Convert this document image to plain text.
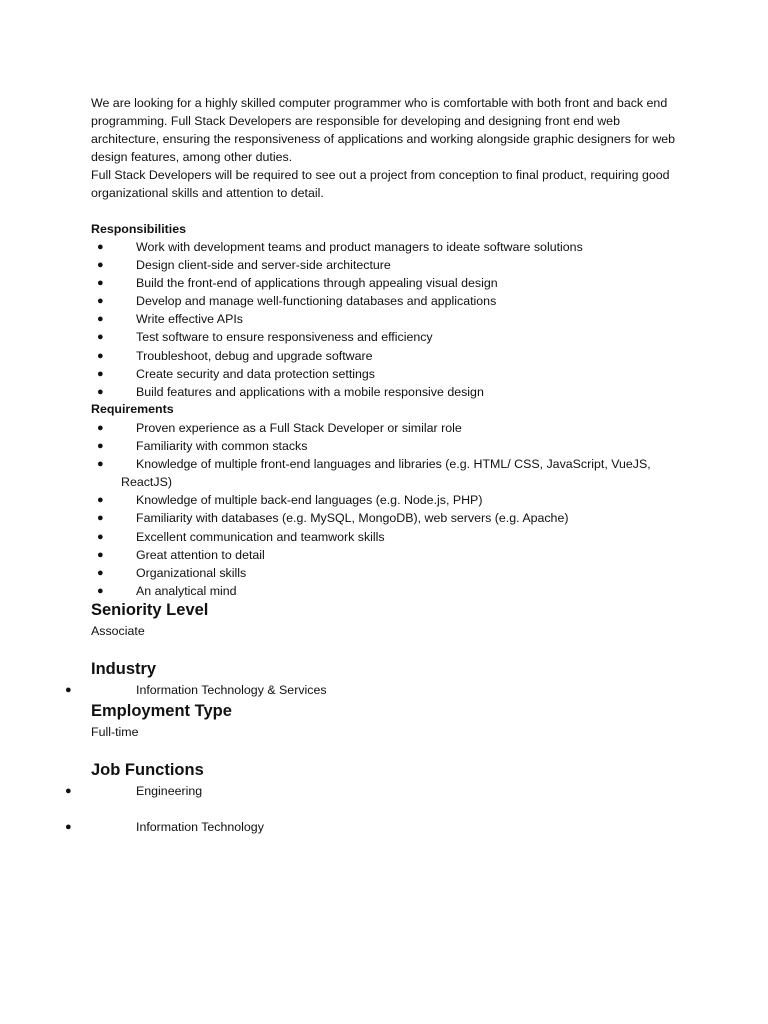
We are looking for a highly skilled computer programmer who is comfortable with both front and back end programming. Full Stack Developers are responsible for developing and designing front end web architecture, ensuring the responsiveness of applications and working alongside graphic designers for web design features, among other duties.

Full Stack Developers will be required to see out a project from conception to final product, requiring good organizational skills and attention to detail.

Responsibilities
●	Work with development teams and product managers to ideate software solutions
●	Design client-side and server-side architecture
●	Build the front-end of applications through appealing visual design
●	Develop and manage well-functioning databases and applications
●	Write effective APIs
●	Test software to ensure responsiveness and efficiency
●	Troubleshoot, debug and upgrade software
●	Create security and data protection settings
●	Build features and applications with a mobile responsive design
Requirements
●	Proven experience as a Full Stack Developer or similar role
●	Familiarity with common stacks
●	Knowledge of multiple front-end languages and libraries (e.g. HTML/ CSS, JavaScript, VueJS,
ReactJS)
●	Knowledge of multiple back-end languages (e.g. Node.js, PHP)
●	Familiarity with databases (e.g. MySQL, MongoDB), web servers (e.g. Apache)
●	Excellent communication and teamwork skills
●	Great attention to detail
●	Organizational skills
●	An analytical mind
Seniority Level
Associate
Industry
●	Information Technology & Services
Employment Type
Full-time
Job Functions
●	Engineering
●	Information Technology
